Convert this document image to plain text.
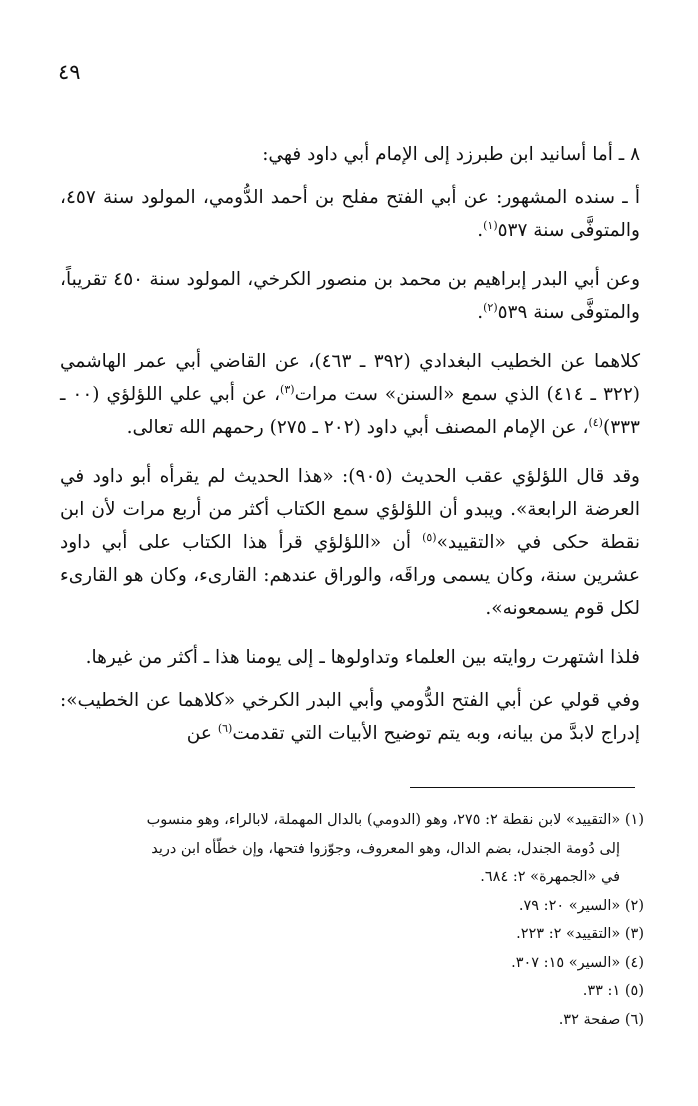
٤٩

٨ ـ أما أسانيد ابن طبرزد إلى الإمام أبي داود فهي:

أ ـ سنده المشهور: عن أبي الفتح مفلح بن أحمد الدُّومي، المولود سنة ٤٥٧، والمتوفَّى سنة ٥٣٧$^{(١)}$.

وعن أبي البدر إبراهيم بن محمد بن منصور الكرخي، المولود سنة ٤٥٠ تقريباً، والمتوفَّى سنة ٥٣٩$^{(٢)}$.

كلاهما عن الخطيب البغدادي (٣٩٢ ـ ٤٦٣)، عن القاضي أبي عمر الهاشمي (٣٢٢ ـ ٤١٤) الذي سمع «السنن» ست مرات$^{(٣)}$، عن أبي علي اللؤلؤي (٠٠ ـ ٣٣٣)$^{(٤)}$، عن الإمام المصنف أبي داود (٢٠٢ ـ ٢٧٥) رحمهم الله تعالى.

وقد قال اللؤلؤي عقب الحديث (٩٠٥): «هذا الحديث لم يقرأه أبو داود في العرضة الرابعة». ويبدو أن اللؤلؤي سمع الكتاب أكثر من أربع مرات لأن ابن نقطة حكى في «التقييد»$^{(٥)}$ أن «اللؤلؤي قرأ هذا الكتاب على أبي داود عشرين سنة، وكان يسمى وراقَه، والوراق عندهم: القارىء، وكان هو القارىء لكل قوم يسمعونه».

فلذا اشتهرت روايته بين العلماء وتداولوها ـ إلى يومنا هذا ـ أكثر من غيرها.

وفي قولي عن أبي الفتح الدُّومي وأبي البدر الكرخي «كلاهما عن الخطيب»: إدراج لابدَّ من بيانه، وبه يتم توضيح الأبيات التي تقدمت$^{(٦)}$ عن

(١) «التقييد» لابن نقطة ٢: ٢٧٥، وهو (الدومي) بالدال المهملة، لابالراء، وهو منسوب

إلى دُومة الجندل، بضم الدال، وهو المعروف، وجوّزوا فتحها، وإن خطّأه ابن دريد

في «الجمهرة» ٢: ٦٨٤.

(٢) «السير» ٢٠: ٧٩.

(٣) «التقييد» ٢: ٢٢٣.

(٤) «السير» ١٥: ٣٠٧.

(٥) ١: ٣٣.

(٦) صفحة ٣٢.
